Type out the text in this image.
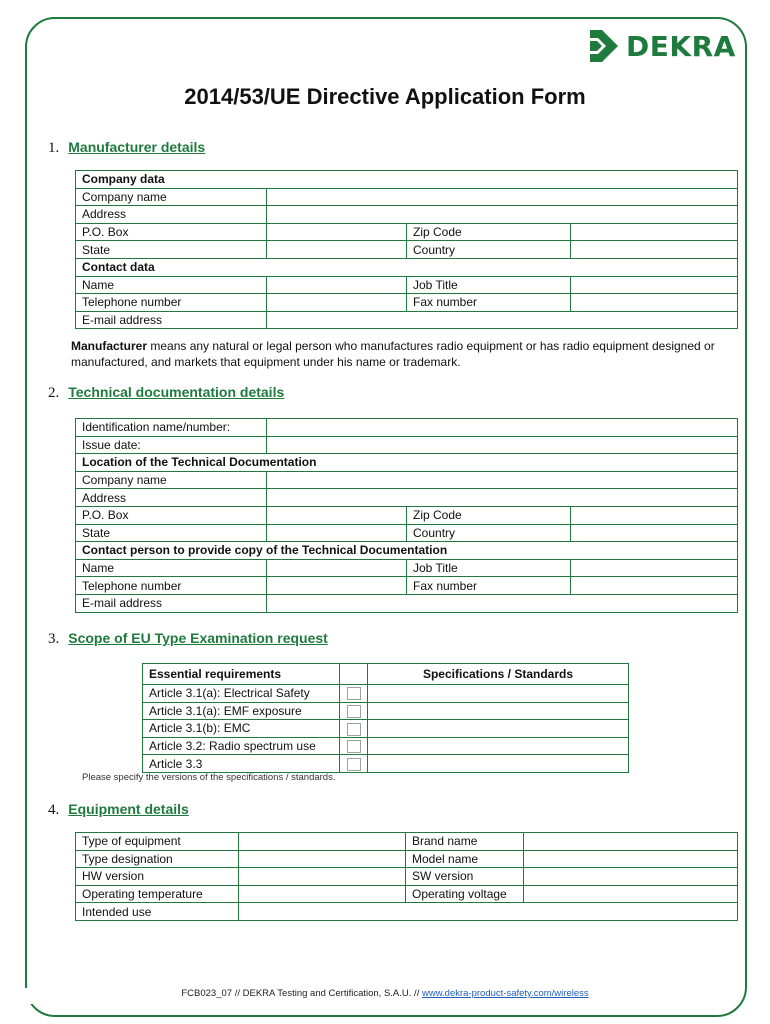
DEKRA
2014/53/UE Directive Application Form
1. Manufacturer details
Company data			
Company name			
Address			
P.O. Box		Zip Code	
State		Country	
Contact data			
Name		Job Title	
Telephone number		Fax number	
E-mail address			
Manufacturer means any natural or legal person who manufactures radio equipment or has radio equipment designed or manufactured, and markets that equipment under his name or trademark.
2. Technical documentation details
Identification name/number:			
Issue date:			
Location of the Technical Documentation			
Company name			
Address			
P.O. Box		Zip Code	
State		Country	
Contact person to provide copy of the Technical Documentation			
Name		Job Title	
Telephone number		Fax number	
E-mail address			
3. Scope of EU Type Examination request
Essential requirements		Specifications / Standards
Article 3.1(a): Electrical Safety		
Article 3.1(a): EMF exposure		
Article 3.1(b): EMC		
Article 3.2: Radio spectrum use		
Article 3.3		
Please specify the versions of the specifications / standards.
4. Equipment details
Type of equipment		Brand name	
Type designation		Model name	
HW version		SW version	
Operating temperature		Operating voltage	
Intended use			
FCB023_07 // DEKRA Testing and Certification, S.A.U. // www.dekra-product-safety.com/wireless
